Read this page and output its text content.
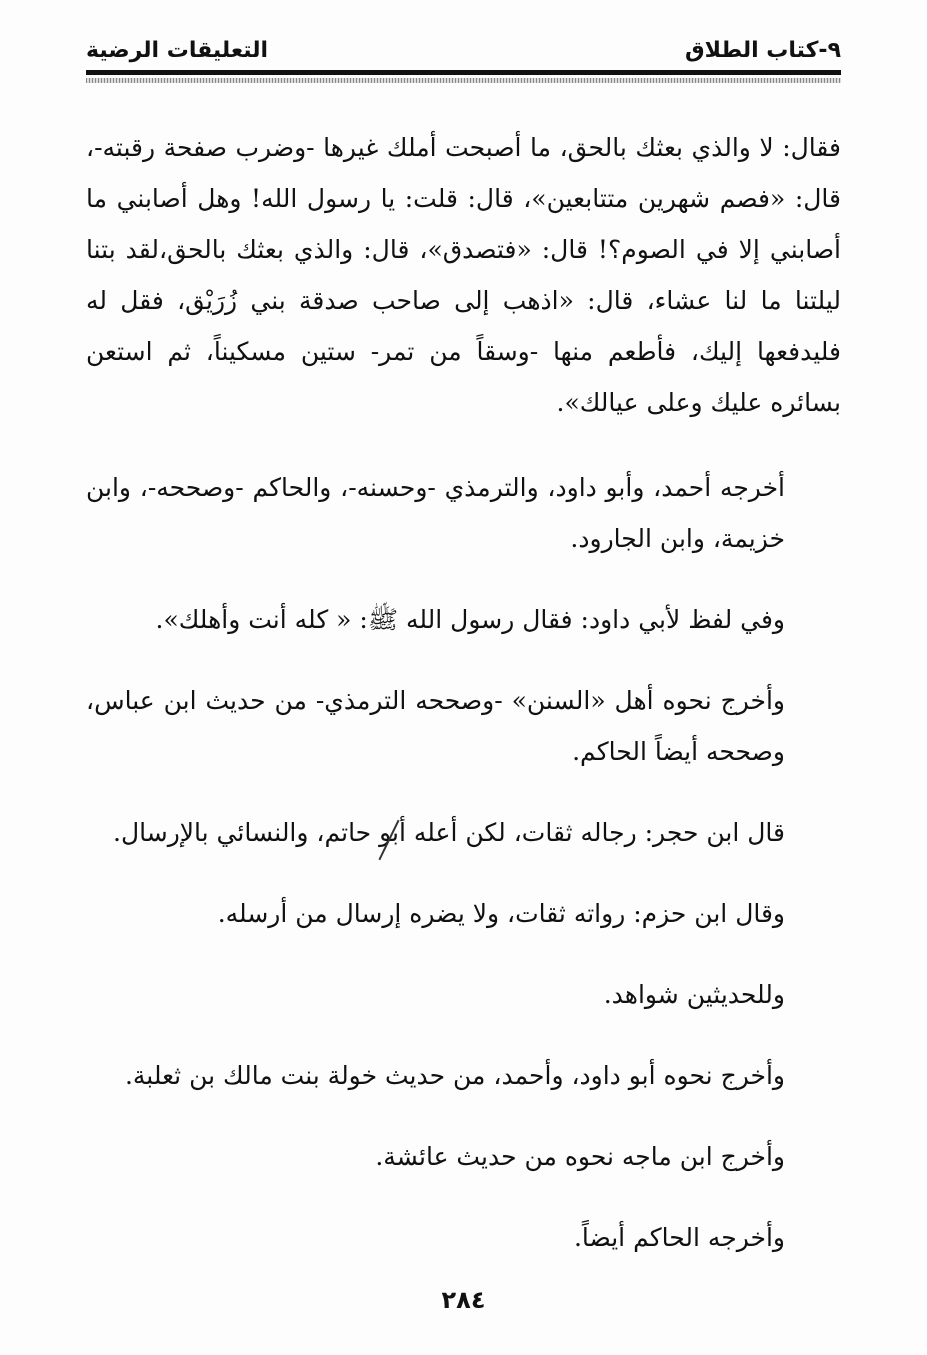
٩-كتاب الطلاق
التعليقات الرضية

فقال: لا والذي بعثك بالحق، ما أصبحت أملك غيرها -وضرب صفحة رقبته-، قال: «فصم شهرين متتابعين»، قال: قلت: يا رسول الله! وهل أصابني ما أصابني إلا في الصوم؟! قال: «فتصدق»، قال: والذي بعثك بالحق،لقد بتنا ليلتنا ما لنا عشاء، قال: «اذهب إلى صاحب صدقة بني زُرَيْق، فقل له فليدفعها إليك، فأطعم منها -وسقاً من تمر- ستين مسكيناً، ثم استعن بسائره عليك وعلى عيالك».

أخرجه أحمد، وأبو داود، والترمذي -وحسنه-، والحاكم -وصححه-، وابن خزيمة، وابن الجارود.

وفي لفظ لأبي داود: فقال رسول الله ﷺ: « كله أنت وأهلك».

وأخرج نحوه أهل «السنن» -وصححه الترمذي- من حديث ابن عباس، وصححه أيضاً الحاكم.

قال ابن حجر: رجاله ثقات، لكن أعله أبو حاتم، والنسائي بالإرسال.

وقال ابن حزم: رواته ثقات، ولا يضره إرسال من أرسله.

وللحديثين شواهد.

وأخرج نحوه أبو داود، وأحمد، من حديث خولة بنت مالك بن ثعلبة.

وأخرج ابن ماجه نحوه من حديث عائشة.

وأخرجه الحاكم أيضاً.

٢٨٤
